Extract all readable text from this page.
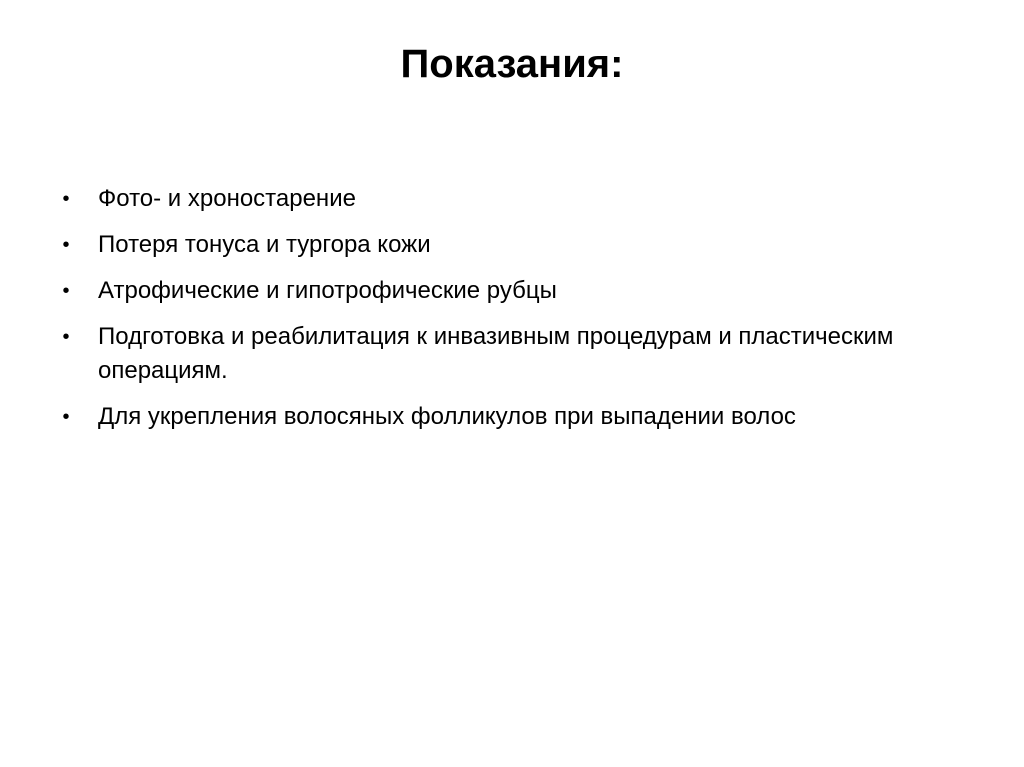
Показания:
• Фото- и хроностарение
• Потеря тонуса и тургора кожи
• Атрофические и гипотрофические рубцы
• Подготовка и реабилитация к инвазивным процедурам и пластическим операциям.
• Для укрепления волосяных фолликулов при выпадении волос
